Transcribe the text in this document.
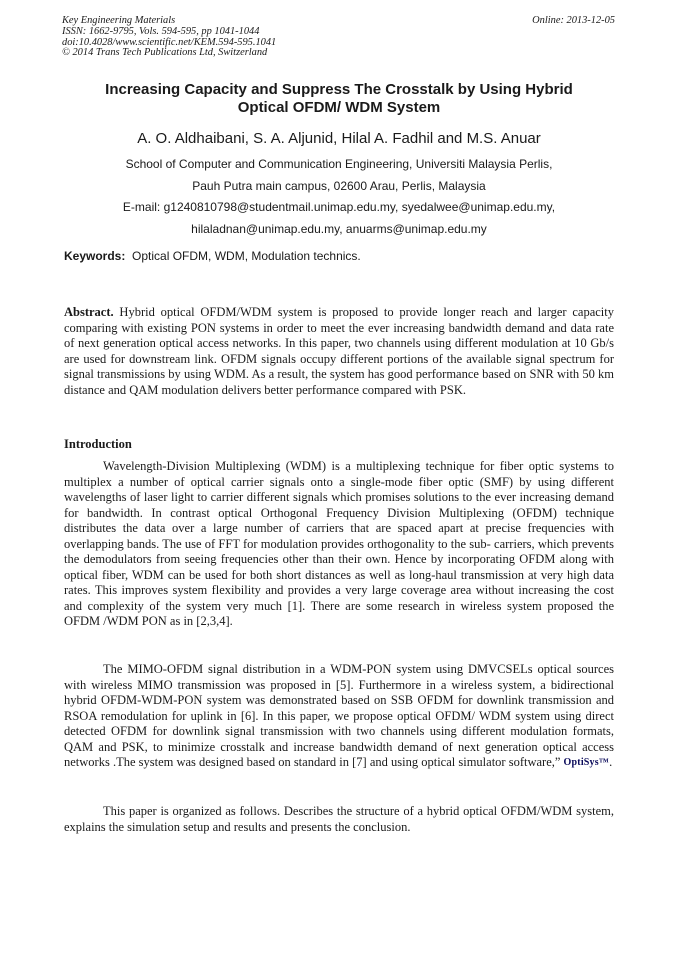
Key Engineering Materials
ISSN: 1662-9795, Vols. 594-595, pp 1041-1044
doi:10.4028/www.scientific.net/KEM.594-595.1041
© 2014 Trans Tech Publications Ltd, Switzerland
Online: 2013-12-05
Increasing Capacity and Suppress The Crosstalk by Using Hybrid
Optical OFDM/ WDM System
A. O. Aldhaibani, S. A. Aljunid, Hilal A. Fadhil and M.S. Anuar
School of Computer and Communication Engineering, Universiti Malaysia Perlis,
Pauh Putra main campus, 02600 Arau, Perlis, Malaysia
E-mail: g1240810798@studentmail.unimap.edu.my, syedalwee@unimap.edu.my,
hilaladnan@unimap.edu.my, anuarms@unimap.edu.my
Keywords: Optical OFDM, WDM, Modulation technics.
Abstract. Hybrid optical OFDM/WDM system is proposed to provide longer reach and larger capacity comparing with existing PON systems in order to meet the ever increasing bandwidth demand and data rate of next generation optical access networks. In this paper, two channels using different modulation at 10 Gb/s are used for downstream link. OFDM signals occupy different portions of the available signal spectrum for signal transmissions by using WDM. As a result, the system has good performance based on SNR with 50 km distance and QAM modulation delivers better performance compared with PSK.
Introduction
Wavelength-Division Multiplexing (WDM) is a multiplexing technique for fiber optic systems to multiplex a number of optical carrier signals onto a single-mode fiber optic (SMF) by using different wavelengths of laser light to carrier different signals which promises solutions to the ever increasing demand for bandwidth. In contrast optical Orthogonal Frequency Division Multiplexing (OFDM) technique distributes the data over a large number of carriers that are spaced apart at precise frequencies with overlapping bands. The use of FFT for modulation provides orthogonality to the sub- carriers, which prevents the demodulators from seeing frequencies other than their own. Hence by incorporating OFDM along with optical fiber, WDM can be used for both short distances as well as long-haul transmission at very high data rates. This improves system flexibility and provides a very large coverage area without increasing the cost and complexity of the system very much [1]. There are some research in wireless system proposed the OFDM /WDM PON as in [2,3,4].
The MIMO-OFDM signal distribution in a WDM-PON system using DMVCSELs optical sources with wireless MIMO transmission was proposed in [5]. Furthermore in a wireless system, a bidirectional hybrid OFDM-WDM-PON system was demonstrated based on SSB OFDM for downlink transmission and RSOA remodulation for uplink in [6]. In this paper, we propose optical OFDM/ WDM system using direct detected OFDM for downlink signal transmission with two channels using different modulation formats, QAM and PSK, to minimize crosstalk and increase bandwidth demand of next generation optical access networks .The system was designed based on standard in [7] and using optical simulator software,” OptiSys™.
This paper is organized as follows. Describes the structure of a hybrid optical OFDM/WDM system, explains the simulation setup and results and presents the conclusion.
